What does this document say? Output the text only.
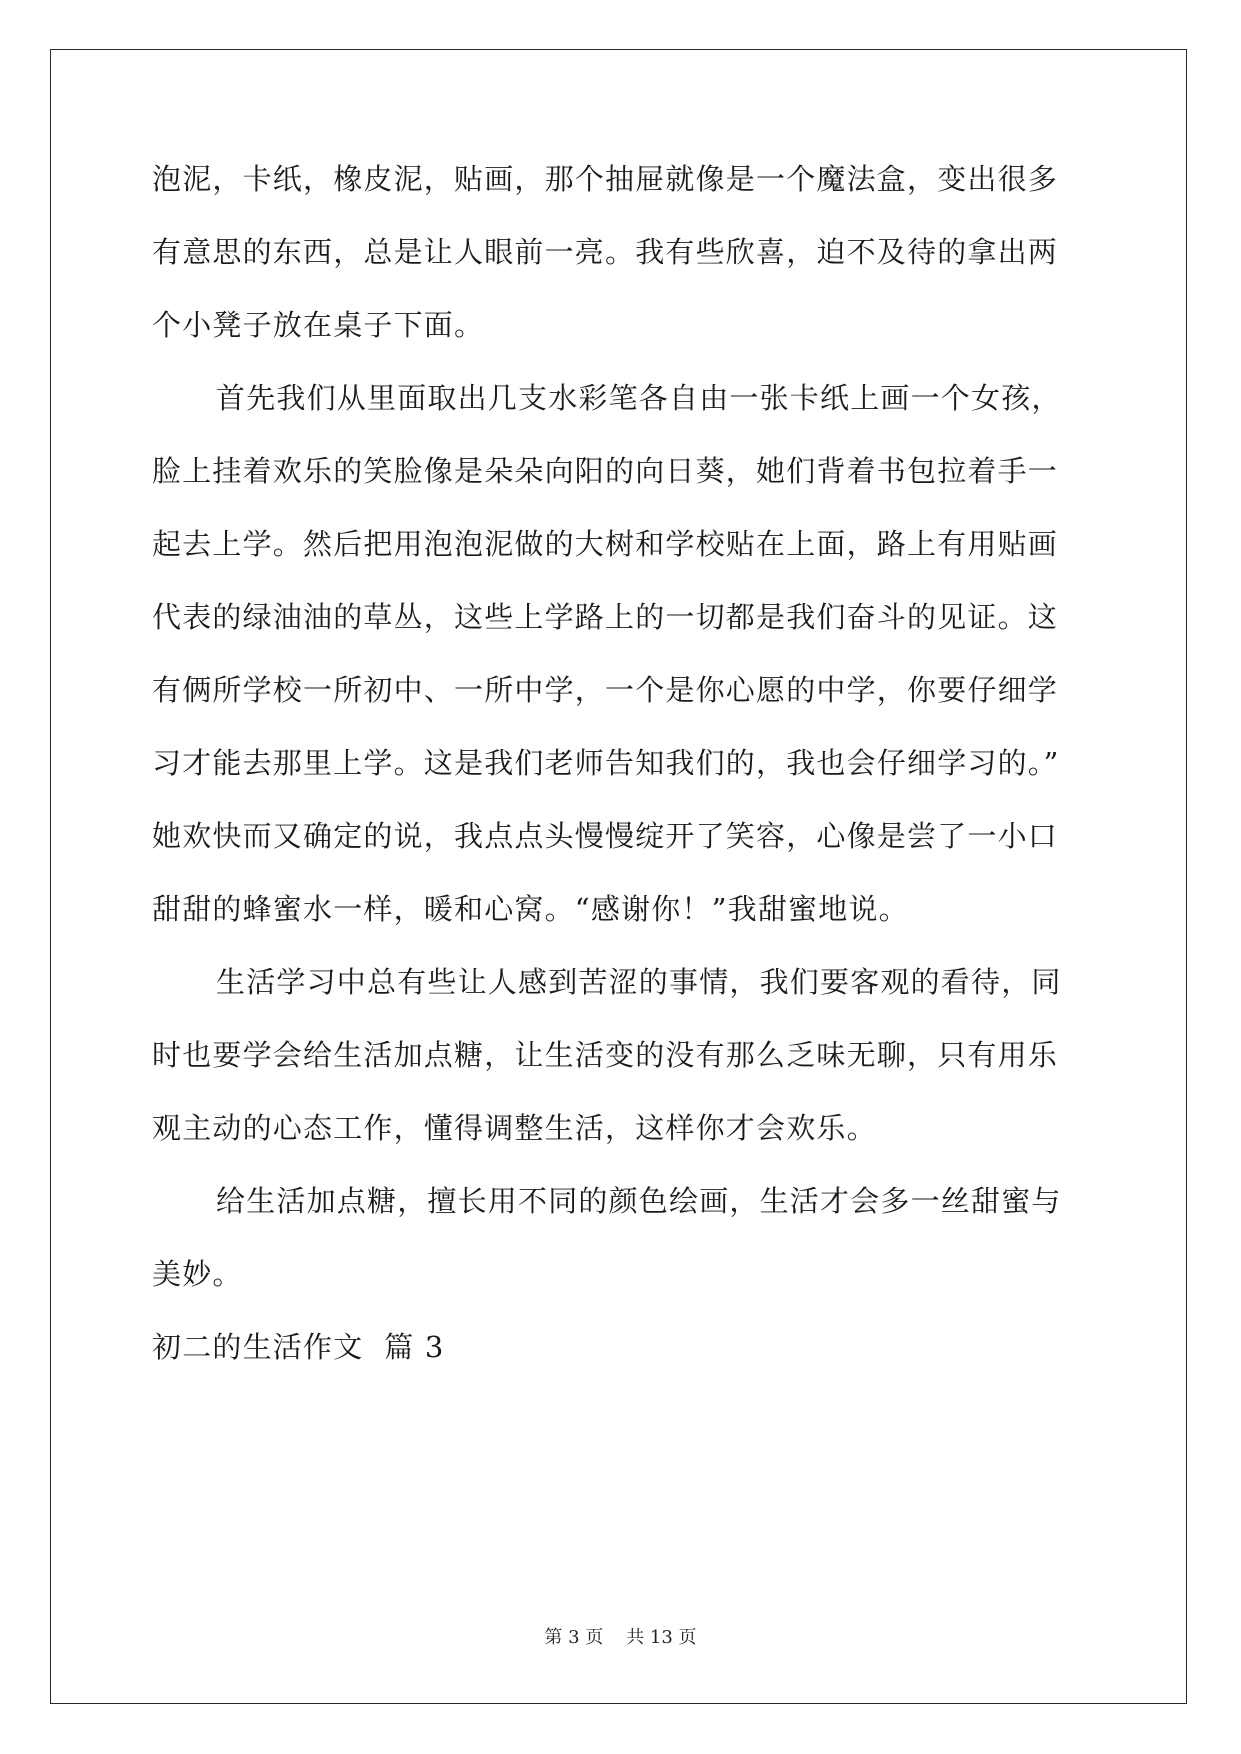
泡泥，卡纸，橡皮泥，贴画，那个抽屉就像是一个魔法盒，变出很多
有意思的东西，总是让人眼前一亮。我有些欣喜，迫不及待的拿出两
个小凳子放在桌子下面。
首先我们从里面取出几支水彩笔各自由一张卡纸上画一个女孩，
脸上挂着欢乐的笑脸像是朵朵向阳的向日葵，她们背着书包拉着手一
起去上学。然后把用泡泡泥做的大树和学校贴在上面，路上有用贴画
代表的绿油油的草丛，这些上学路上的一切都是我们奋斗的见证。这
有俩所学校一所初中、一所中学，一个是你心愿的中学，你要仔细学
习才能去那里上学。这是我们老师告知我们的，我也会仔细学习的。”
她欢快而又确定的说，我点点头慢慢绽开了笑容，心像是尝了一小口
甜甜的蜂蜜水一样，暖和心窝。“感谢你！”我甜蜜地说。
生活学习中总有些让人感到苦涩的事情，我们要客观的看待，同
时也要学会给生活加点糖，让生活变的没有那么乏味无聊，只有用乐
观主动的心态工作，懂得调整生活，这样你才会欢乐。
给生活加点糖，擅长用不同的颜色绘画，生活才会多一丝甜蜜与
美妙。
初二的生活作文  篇 3
第 3 页    共 13 页
